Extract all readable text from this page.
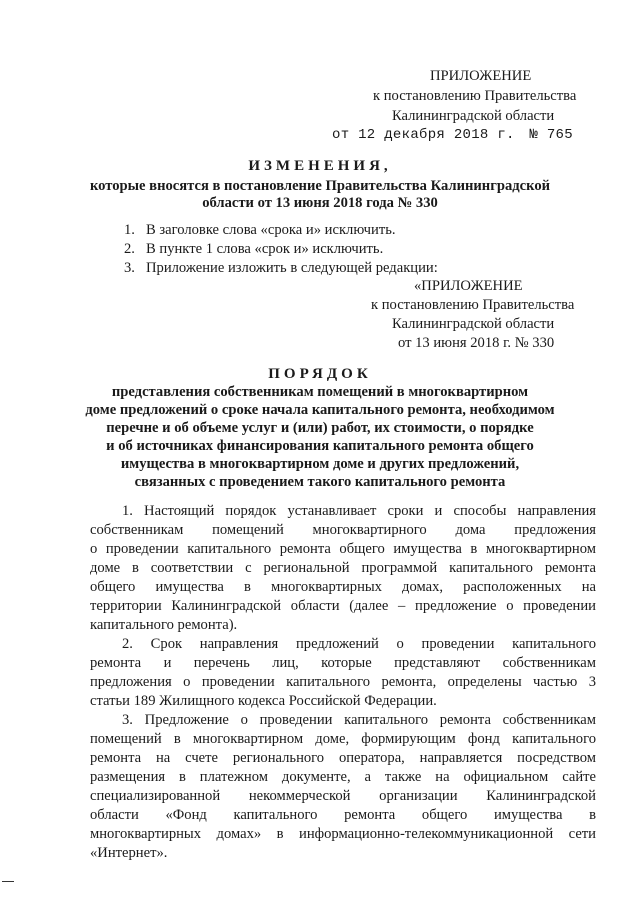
ПРИЛОЖЕНИЕ
к постановлению Правительства
Калининградской области
от 12 декабря 2018 г. № 765
ИЗМЕНЕНИЯ,
которые вносятся в постановление Правительства Калининградской
области от 13 июня 2018 года № 330
1. В заголовке слова «срока и» исключить.
2. В пункте 1 слова «срок и» исключить.
3. Приложение изложить в следующей редакции:
«ПРИЛОЖЕНИЕ
к постановлению Правительства
Калининградской области
от 13 июня 2018 г. № 330
ПОРЯДОК
представления собственникам помещений в многоквартирном
доме предложений о сроке начала капитального ремонта, необходимом
перечне и об объеме услуг и (или) работ, их стоимости, о порядке
и об источниках финансирования капитального ремонта общего
имущества в многоквартирном доме и других предложений,
связанных с проведением такого капитального ремонта
1. Настоящий порядок устанавливает сроки и способы направления
собственникам помещений многоквартирного дома предложения
о проведении капитального ремонта общего имущества в многоквартирном
доме в соответствии с региональной программой капитального ремонта
общего имущества в многоквартирных домах, расположенных на
территории Калининградской области (далее – предложение о проведении
капитального ремонта).
2. Срок направления предложений о проведении капитального
ремонта и перечень лиц, которые представляют собственникам
предложения о проведении капитального ремонта, определены частью 3
статьи 189 Жилищного кодекса Российской Федерации.
3. Предложение о проведении капитального ремонта собственникам
помещений в многоквартирном доме, формирующим фонд капитального
ремонта на счете регионального оператора, направляется посредством
размещения в платежном документе, а также на официальном сайте
специализированной некоммерческой организации Калининградской
области «Фонд капитального ремонта общего имущества в
многоквартирных домах» в информационно-телекоммуникационной сети
«Интернет».
